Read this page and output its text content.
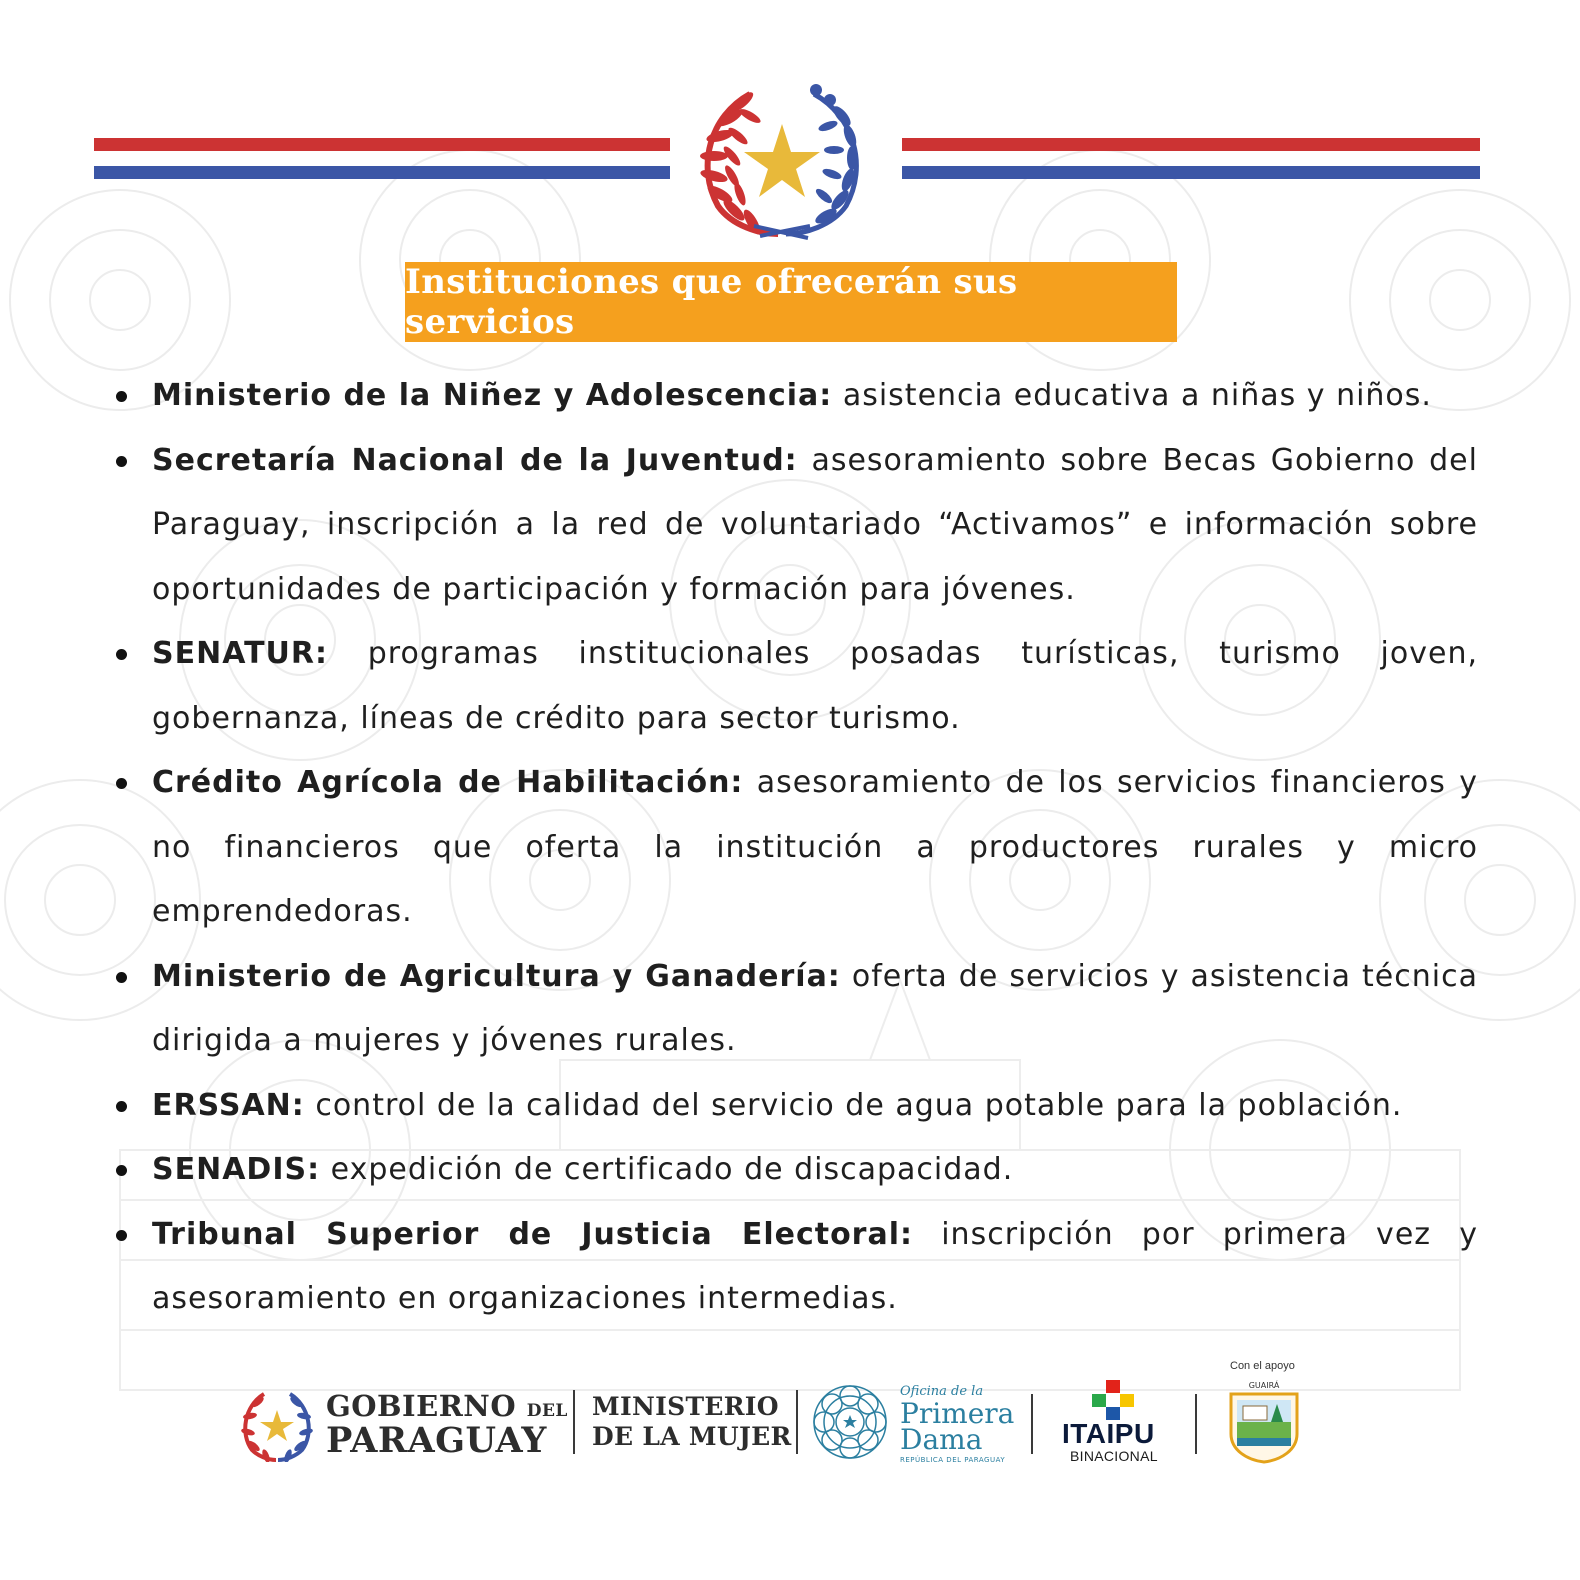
Instituciones que ofrecerán sus servicios
Ministerio de la Niñez y Adolescencia: asistencia educativa a niñas y niños.
Secretaría Nacional de la Juventud: asesoramiento sobre Becas Gobierno del Paraguay, inscripción a la red de voluntariado “Activamos” e información sobre oportunidades de participación y formación para jóvenes.
SENATUR: programas institucionales posadas turísticas, turismo joven, gobernanza, líneas de crédito para sector turismo.
Crédito Agrícola de Habilitación: asesoramiento de los servicios financieros y no financieros que oferta la institución a productores rurales y micro emprendedoras.
Ministerio de Agricultura y Ganadería: oferta de servicios y asistencia técnica dirigida a mujeres y jóvenes rurales.
ERSSAN: control de la calidad del servicio de agua potable para la población.
SENADIS: expedición de certificado de discapacidad.
Tribunal Superior de Justicia Electoral: inscripción por primera vez y asesoramiento en organizaciones intermedias.
GOBIERNO DEL
PARAGUAY
MINISTERIO
DE LA MUJER
Oficina de la
Primera
Dama
REPÚBLICA DEL PARAGUAY
ITAIPU
BINACIONAL
Con el apoyo
GUAIRÁ
